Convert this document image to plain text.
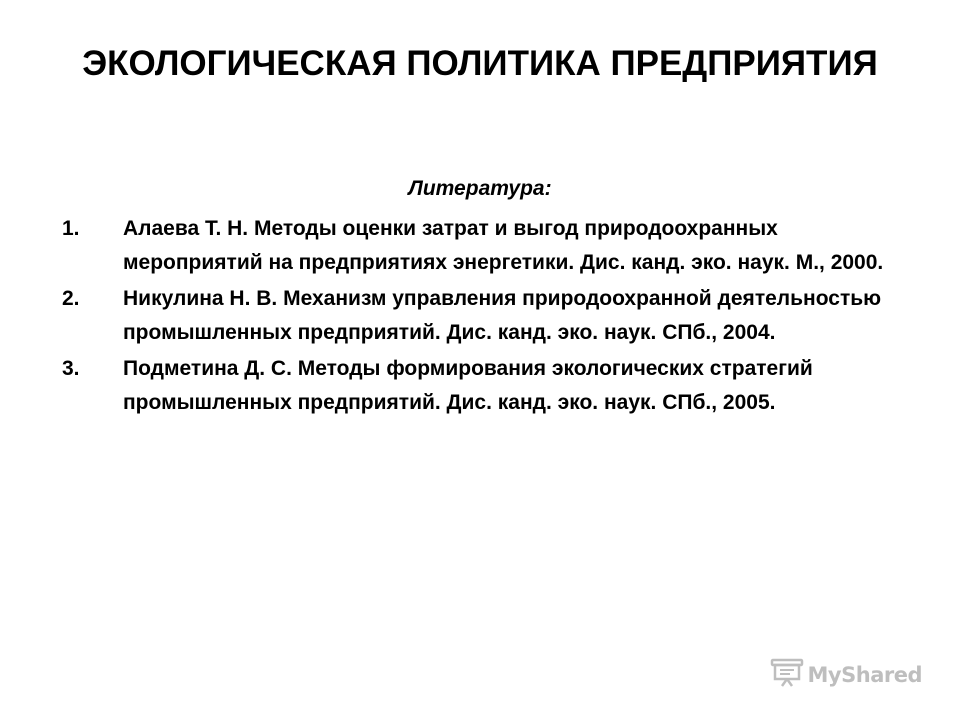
ЭКОЛОГИЧЕСКАЯ ПОЛИТИКА ПРЕДПРИЯТИЯ

Литература:

1.	Алаева Т. Н. Методы оценки затрат и выгод природоохранных мероприятий на предприятиях энергетики. Дис. канд. эко. наук. М., 2000.
2.	Никулина Н. В. Механизм управления природоохранной деятельностью промышленных предприятий. Дис. канд. эко. наук. СПб., 2004.
3.	Подметина Д. С. Методы формирования экологических стратегий промышленных предприятий. Дис. канд. эко. наук. СПб., 2005.
MyShared
